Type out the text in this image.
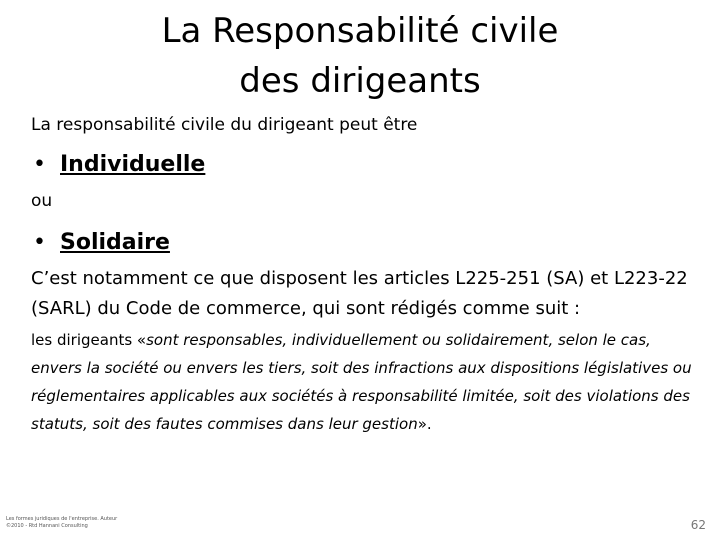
La Responsabilité civile
des dirigeants

La responsabilité civile du dirigeant peut être

• Individuelle

ou

• Solidaire

C’est notamment ce que disposent les articles L225-251 (SA) et L223-22 (SARL) du Code de commerce, qui sont rédigés comme suit :

les dirigeants «sont responsables, individuellement ou solidairement, selon le cas, envers la société ou envers les tiers, soit des infractions aux dispositions législatives ou réglementaires applicables aux sociétés à responsabilité limitée, soit des violations des statuts, soit des fautes commises dans leur gestion».

Les formes juridiques de l'entreprise. Auteur
©2010 - Rtd Hannani Consulting	62
